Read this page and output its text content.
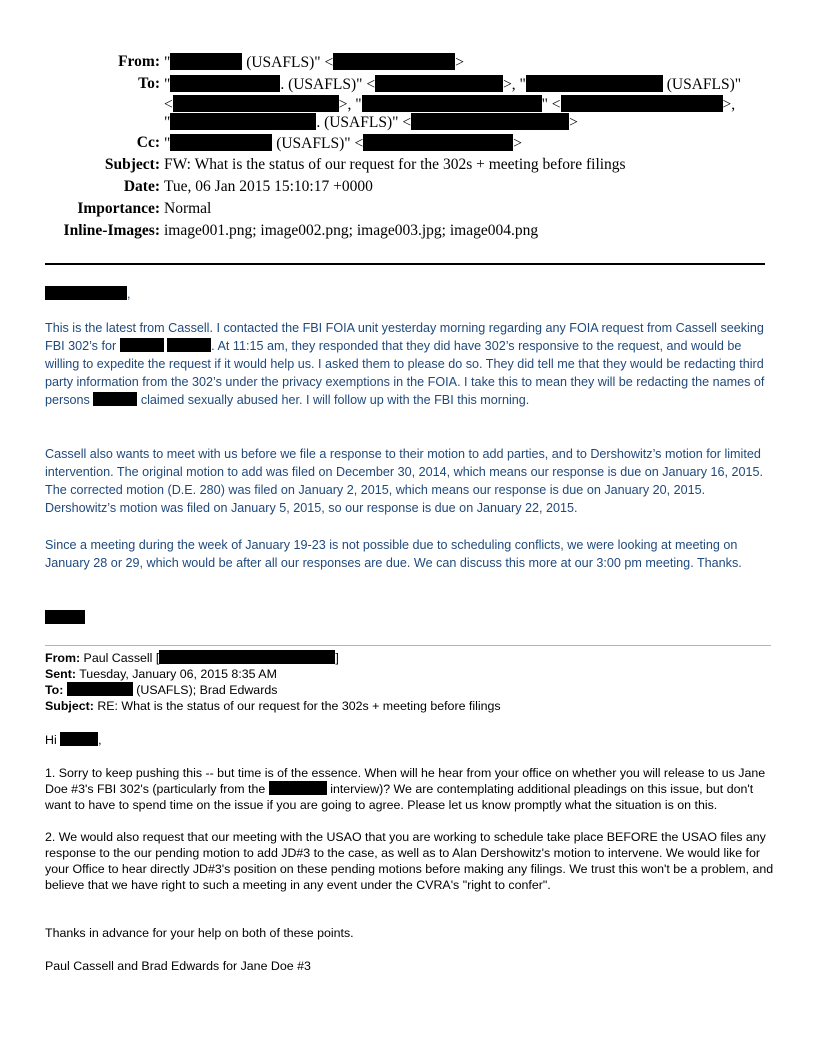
From: "	(USAFLS)" <	>
To: "	. (USAFLS)" <	>, "	(USAFLS)"
<	>, "	" <	>,
"	. (USAFLS)" <	>
Cc: "	(USAFLS)" <	>
Subject: FW: What is the status of our request for the 302s + meeting before filings
Date: Tue, 06 Jan 2015 15:10:17 +0000
Importance: Normal
Inline-Images: image001.png; image002.png; image003.jpg; image004.png
,

This is the latest from Cassell. I contacted the FBI FOIA unit yesterday morning regarding any FOIA request from Cassell seeking FBI 302’s for	. At 11:15 am, they responded that they did have 302’s responsive to the request, and would be willing to expedite the request if it would help us. I asked them to please do so. They did tell me that they would be redacting third party information from the 302’s under the privacy exemptions in the FOIA. I take this to mean they will be redacting the names of persons	claimed sexually abused her. I will follow up with the FBI this morning.

Cassell also wants to meet with us before we file a response to their motion to add parties, and to Dershowitz’s motion for limited intervention. The original motion to add was filed on December 30, 2014, which means our response is due on January 16, 2015. The corrected motion (D.E. 280) was filed on January 2, 2015, which means our response is due on January 20, 2015. Dershowitz’s motion was filed on January 5, 2015, so our response is due on January 22, 2015.

Since a meeting during the week of January 19-23 is not possible due to scheduling conflicts, we were looking at meeting on January 28 or 29, which would be after all our responses are due. We can discuss this more at our 3:00 pm meeting. Thanks.

From: Paul Cassell [	]

Sent: Tuesday, January 06, 2015 8:35 AM

To:	(USAFLS); Brad Edwards

Subject: RE: What is the status of our request for the 302s + meeting before filings

Hi	,

1. Sorry to keep pushing this -- but time is of the essence. When will he hear from your office on whether you will release to us Jane Doe #3's FBI 302's (particularly from the	interview)? We are contemplating additional pleadings on this issue, but don't want to have to spend time on the issue if you are going to agree. Please let us know promptly what the situation is on this.

2. We would also request that our meeting with the USAO that you are working to schedule take place BEFORE the USAO files any response to the our pending motion to add JD#3 to the case, as well as to Alan Dershowitz's motion to intervene. We would like for your Office to hear directly JD#3's position on these pending motions before making any filings. We trust this won't be a problem, and believe that we have right to such a meeting in any event under the CVRA's "right to confer".

Thanks in advance for your help on both of these points.

Paul Cassell and Brad Edwards for Jane Doe #3
